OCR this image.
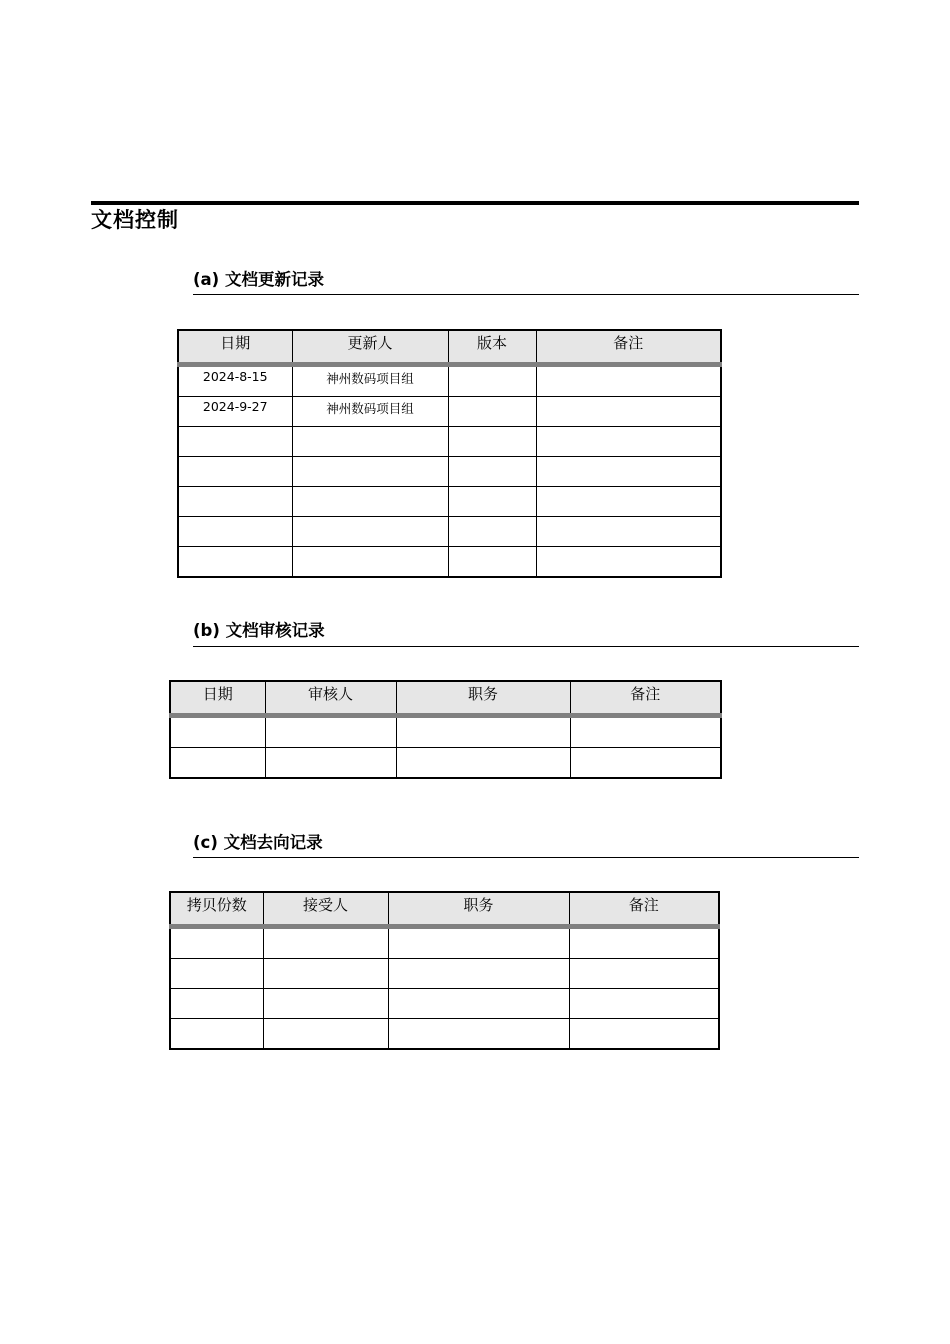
文档控制
(a) 文档更新记录
日期	更新人	版本	备注
2024-8-15	神州数码项目组		
2024-9-27	神州数码项目组		

(b) 文档审核记录
日期	审核人	职务	备注

(c) 文档去向记录
拷贝份数	接受人	职务	备注
